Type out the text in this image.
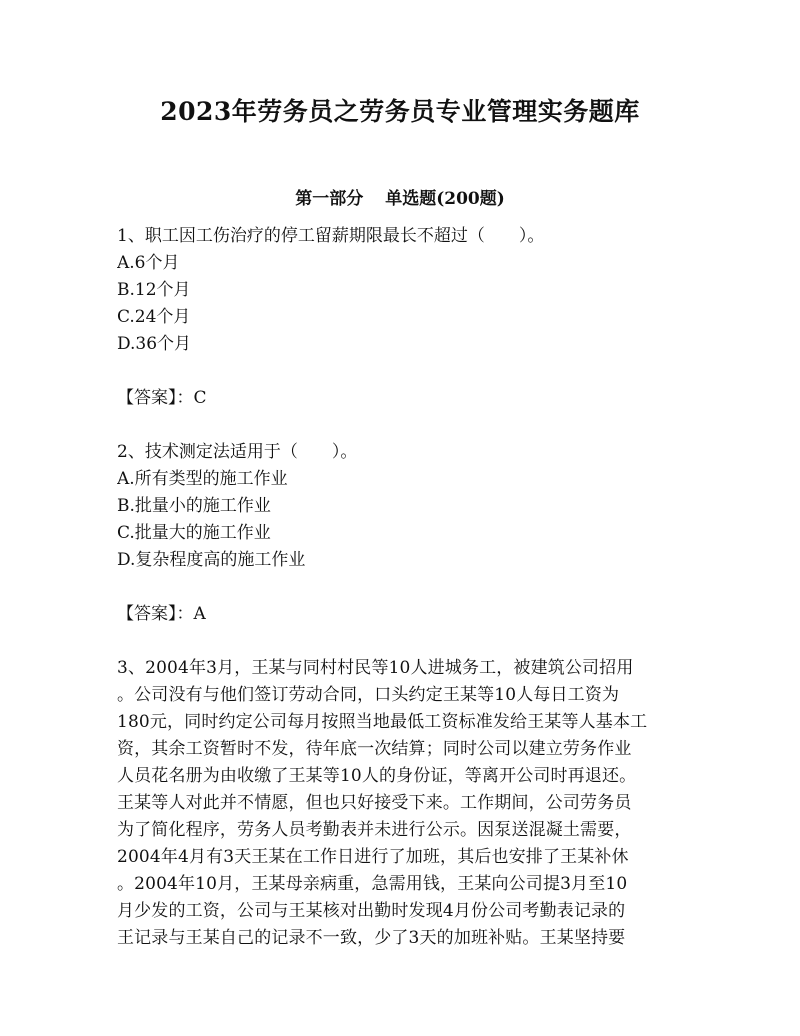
2023年劳务员之劳务员专业管理实务题库
第一部分 单选题(200题)
1、职工因工伤治疗的停工留薪期限最长不超过（　　）。
A.6个月
B.12个月
C.24个月
D.36个月
【答案】：C
2、技术测定法适用于（　　）。
A.所有类型的施工作业
B.批量小的施工作业
C.批量大的施工作业
D.复杂程度高的施工作业
【答案】：A
3、2004年3月，王某与同村村民等10人进城务工，被建筑公司招用
。公司没有与他们签订劳动合同，口头约定王某等10人每日工资为
180元，同时约定公司每月按照当地最低工资标准发给王某等人基本工
资，其余工资暂时不发，待年底一次结算；同时公司以建立劳务作业
人员花名册为由收缴了王某等10人的身份证，等离开公司时再退还。
王某等人对此并不情愿，但也只好接受下来。工作期间，公司劳务员
为了简化程序，劳务人员考勤表并未进行公示。因泵送混凝土需要，
2004年4月有3天王某在工作日进行了加班，其后也安排了王某补休
。2004年10月，王某母亲病重，急需用钱，王某向公司提3月至10
月少发的工资，公司与王某核对出勤时发现4月份公司考勤表记录的
王记录与王某自己的记录不一致，少了3天的加班补贴。王某坚持要
